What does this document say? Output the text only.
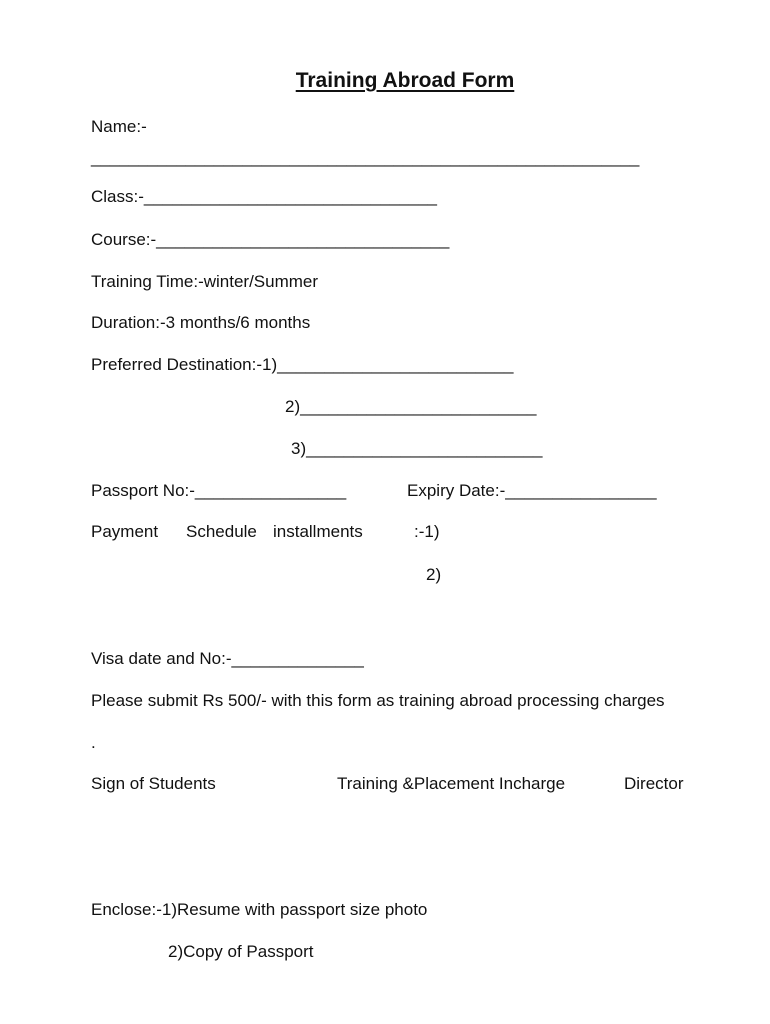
Training Abroad Form
Name:-
__________________________________________________________
Class:-_______________________________
Course:-_______________________________
Training Time:-winter/Summer
Duration:-3 months/6 months
Preferred Destination:-1)_________________________
2)_________________________
3)_________________________
Passport No:-________________	Expiry Date:-________________
Payment Schedule installments	:-1)
2)
Visa date and No:-______________
Please submit Rs 500/- with this form as training abroad processing charges
.
Sign of Students	Training &Placement Incharge	Director
Enclose:-1)Resume with passport size photo
2)Copy of Passport
